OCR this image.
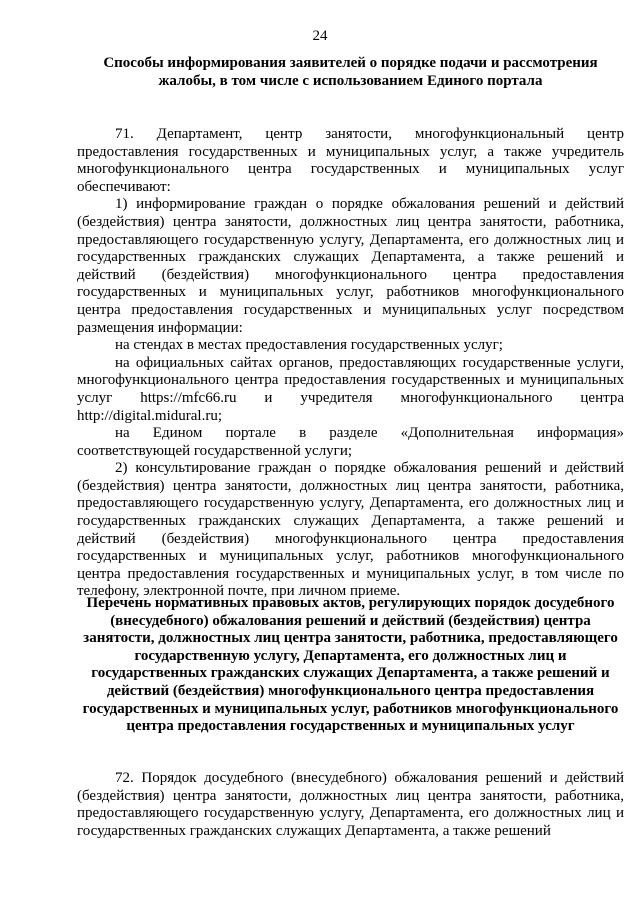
24
Способы информирования заявителей о порядке подачи и рассмотрения жалобы, в том числе с использованием Единого портала

71. Департамент, центр занятости, многофункциональный центр предоставления государственных и муниципальных услуг, а также учредитель многофункционального центра государственных и муниципальных услуг обеспечивают:

1) информирование граждан о порядке обжалования решений и действий (бездействия) центра занятости, должностных лиц центра занятости, работника, предоставляющего государственную услугу, Департамента, его должностных лиц и государственных гражданских служащих Департамента, а также решений и действий (бездействия) многофункционального центра предоставления государственных и муниципальных услуг, работников многофункционального центра предоставления государственных и муниципальных услуг посредством размещения информации:

на стендах в местах предоставления государственных услуг;

на официальных сайтах органов, предоставляющих государственные услуги, многофункционального центра предоставления государственных и муниципальных услуг https://mfc66.ru и учредителя многофункционального центра http://digital.midural.ru;

на Едином портале в разделе «Дополнительная информация» соответствующей государственной услуги;

2) консультирование граждан о порядке обжалования решений и действий (бездействия) центра занятости, должностных лиц центра занятости, работника, предоставляющего государственную услугу, Департамента, его должностных лиц и государственных гражданских служащих Департамента, а также решений и действий (бездействия) многофункционального центра предоставления государственных и муниципальных услуг, работников многофункционального центра предоставления государственных и муниципальных услуг, в том числе по телефону, электронной почте, при личном приеме.

Перечень нормативных правовых актов, регулирующих порядок досудебного (внесудебного) обжалования решений и действий (бездействия) центра занятости, должностных лиц центра занятости, работника, предоставляющего государственную услугу, Департамента, его должностных лиц и государственных гражданских служащих Департамента, а также решений и действий (бездействия) многофункционального центра предоставления государственных и муниципальных услуг, работников многофункционального центра предоставления государственных и муниципальных услуг

72. Порядок досудебного (внесудебного) обжалования решений и действий (бездействия) центра занятости, должностных лиц центра занятости, работника, предоставляющего государственную услугу, Департамента, его должностных лиц и государственных гражданских служащих Департамента, а также решений
